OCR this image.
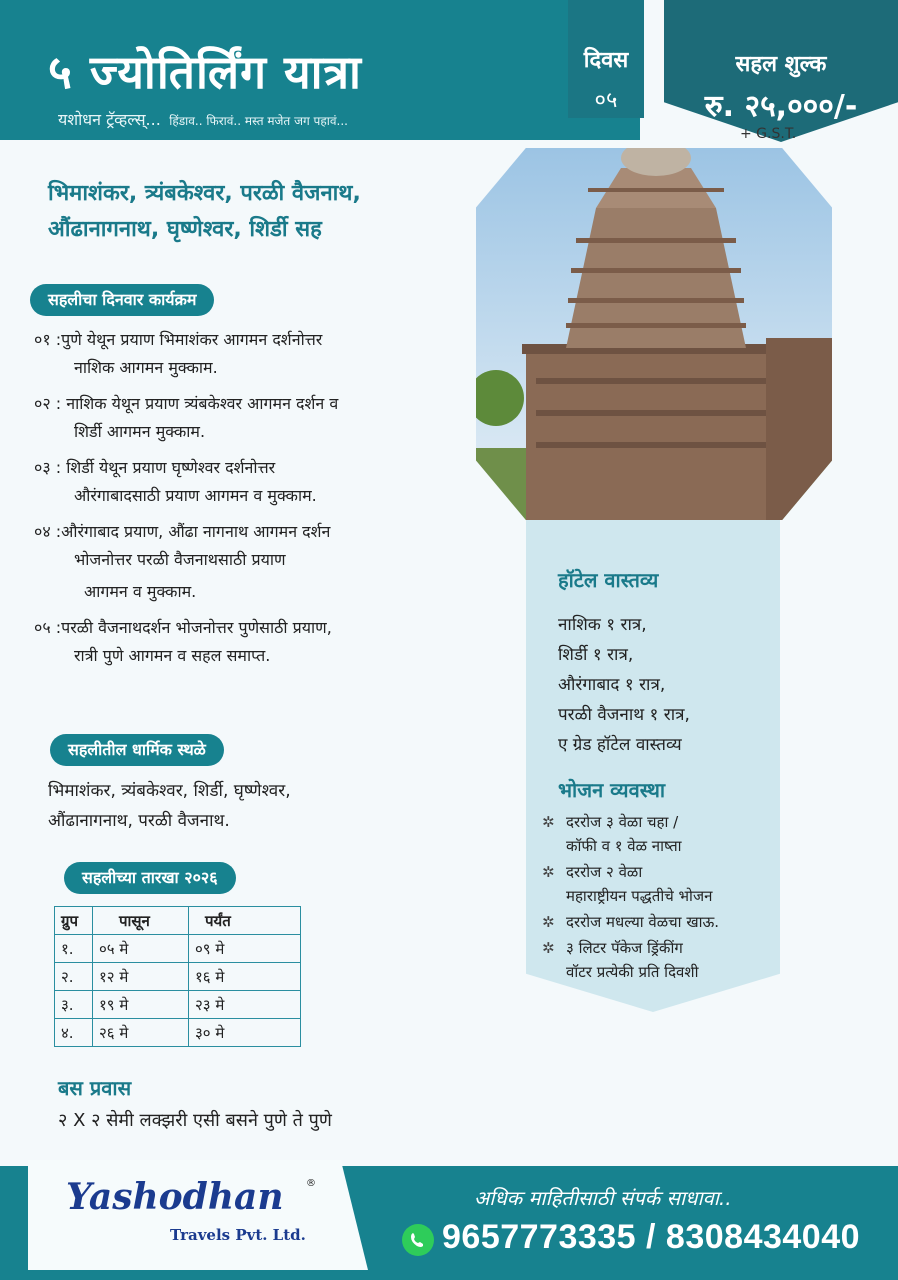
५ ज्योतिर्लिंग यात्रा
यशोधन ट्रॅव्हल्स्... हिंडाव.. फिरावं.. मस्त मजेत जग पहावं...
दिवस
०५
सहल शुल्क
रु. २५,०००/-
+ G.S.T.
भिमाशंकर, त्र्यंबकेश्वर, परळी वैजनाथ,
औंढानागनाथ, घृष्णेश्वर, शिर्डी सह
सहलीचा दिनवार कार्यक्रम
०१ :पुणे येथून प्रयाण भिमाशंकर आगमन दर्शनोत्तर
नाशिक आगमन मुक्काम.
०२ : नाशिक येथून प्रयाण त्र्यंबकेश्वर आगमन दर्शन व
शिर्डी आगमन मुक्काम.
०३ : शिर्डी येथून प्रयाण घृष्णेश्वर दर्शनोत्तर
औरंगाबादसाठी प्रयाण आगमन व मुक्काम.
०४ :औरंगाबाद प्रयाण, औंढा नागनाथ आगमन दर्शन
भोजनोत्तर परळी वैजनाथसाठी प्रयाण
आगमन व मुक्काम.
०५ :परळी वैजनाथदर्शन भोजनोत्तर पुणेसाठी प्रयाण,
रात्री पुणे आगमन व सहल समाप्त.
सहलीतील धार्मिक स्थळे
भिमाशंकर, त्र्यंबकेश्वर, शिर्डी, घृष्णेश्वर,
औंढानागनाथ, परळी वैजनाथ.
सहलीच्या तारखा २०२६
ग्रुप	पासून	पर्यंत
१.	०५ मे	०९ मे
२.	१२ मे	१६ मे
३.	१९ मे	२३ मे
४.	२६ मे	३० मे
बस प्रवास
२ X २ सेमी लक्झरी एसी बसने पुणे ते पुणे
हॉटेल वास्तव्य
नाशिक १ रात्र,
शिर्डी १ रात्र,
औरंगाबाद १ रात्र,
परळी वैजनाथ १ रात्र,
ए ग्रेड हॉटेल वास्तव्य
भोजन व्यवस्था
✲ दररोज ३ वेळा चहा /
कॉफी व १ वेळ नाष्ता
✲ दररोज २ वेळा
महाराष्ट्रीयन पद्धतीचे भोजन
✲ दररोज मधल्या वेळचा खाऊ.
✲ ३ लिटर पॅकेज ड्रिंकींग
वॉटर प्रत्येकी प्रति दिवशी
Yashodhan ®
Travels Pvt. Ltd.
अधिक माहितीसाठी संपर्क साधावा..
9657773335 / 8308434040
